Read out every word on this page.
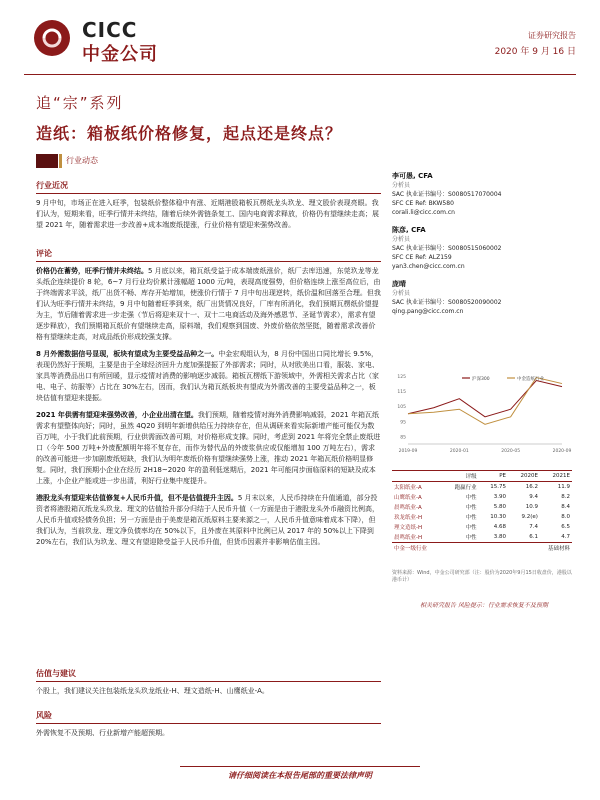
CICC
中金公司
证券研究报告
2020 年 9 月 16 日
追“宗”系列
造纸：箱板纸价格修复，起点还是终点？
行业动态
行业近况
9 月中旬，市场正在进入旺季，包装纸价整体稳中有涨、近期港股箱板瓦楞纸龙头玖龙、理文股价表现亮眼。我们认为，短期来看，旺季行情并未终结，随着后续外需链条复工、国内电商需求释放，价格仍有望继续走高；展望 2021 年，随着需求进一步改善+成本端废纸提涨，行业价格有望迎来强势改善。
评论
价格仍在蓄势，旺季行情并未终结。5 月底以来，箱瓦纸受益于成本端废纸涨价，纸厂去库迅速，东莞玖龙等龙头纸企连续提价 8 轮，6~7 月行业均价累计涨幅超 1000 元/吨，表现高度强势，但价格连续上涨至高位后，由于终端需求平淡，纸厂出货不畅、库存开始增加，使涨价行情于 7 月中旬出现逆转，纸价温和回落至合理。但我们认为旺季行情并未终结，9 月中旬随着旺季到来，纸厂出货情况良好，厂库有所消化，我们预期瓦楞纸价望提为主，节后随着需求进一步走强（节后将迎来双十一、双十二电商活动及海外感恩节、圣诞节需求），需求有望逐步释放），我们预期箱瓦纸价有望继续走高，原料端，我们观察到国废、外废价格依然坚挺，随着需求改善价格有望继续走高，对成品纸价形成较强支撑。
8 月外需数据信号显现，板块有望成为主要受益品种之一。中金宏观组认为，8 月份中国出口同比增长 9.5%，表现仍然好于预期，主要是由于全球经济回升力度加强提振了外部需求；同时，从对欧美出口看，服装、家电、家具等消费品出口有所回暖，显示疫情对消费的影响逐步减弱。箱板瓦楞纸下游领域中，外需相关需求占比（家电、电子、纺服等）占比在 30%左右，因而，我们认为箱瓦纸板块有望成为外需改善的主要受益品种之一，板块估值有望迎来提振。
2021 年供需有望迎来强势改善，小企业出清在望。我们预期，随着疫情对海外消费影响减弱，2021 年箱瓦纸需求有望整体向好；同时，虽然 4Q20 到明年新增供给压力持续存在，但从调研来看实际新增产能可能仅为数百万吨，小于我们此前预期，行业供需面改善可期，对价格形成支撑。同时，考虑到 2021 年将完全禁止废纸进口（今年 500 万吨+外废配额明年将不复存在，而作为替代品的外废浆供应或仅能增加 100 万吨左右），需求的改善可能进一步加剧废纸短缺，我们认为明年废纸价格有望继续强势上涨，推动 2021 年箱瓦纸价格明显修复。同时，我们预期小企业在经历 2H18~2020 年的盈利低迷期后，2021 年可能同步面临原料的短缺及成本上涨，小企业产能或进一步出清，利好行业集中度提升。
港股龙头有望迎来估值修复+人民币升值，但不是估值提升主因。5 月末以来，人民币持续在升值通道，部分投资者将港股箱瓦纸龙头玖龙、理文的估值拾升部分归结于人民币升值（一方面是由于港股龙头外币融资比例高，人民币升值或轻债务负担；另一方面是由于美废是箱瓦纸原料主要来源之一，人民币升值意味着成本下降），但我们认为，当前玖龙、理文净负债率均在 50%以下，且外废在其原料中比例已从 2017 年的 50%以上下降到 20%左右，我们认为玖龙、理文有望迎除受益于人民币升值，但货币因素并非影响估值主因。
估值与建议
个股上，我们建议关注包装纸龙头玖龙纸业-H、理文造纸-H、山鹰纸业-A。
风险
外需恢复不及预期、行业新增产能超预期。
李可愚, CFA
分析员
SAC 执业证书编号：S0080517070004
SFC CE Ref: BKW580
corali.li@cicc.com.cn
陈彦, CFA
分析员
SAC 执业证书编号：S0080515060002
SFC CE Ref: ALZ159
yan3.chen@cicc.com.cn
庞晴
分析员
SAC 执业证书编号：S0080520090002
qing.pang@cicc.com.cn
125
115
105
95
85
2019-09	2020-01	2020-05	2020-09
沪深300	中金造纸行业
	评级	PE	2020E	2021E
太阳纸业-A	跑赢行业	15.75	16.2	11.9
山鹰纸业-A	中性	3.90	9.4	8.2
晨鸣纸业-A	中性	5.80	10.9	8.4
玖龙纸业-H	中性	10.30	9.2(e)	8.0
理文造纸-H	中性	4.68	7.4	6.5
晨鸣纸业-H	中性	3.80	6.1	4.7
中金一级行业			基础材料	
资料来源：Wind，中金公司研究部（注：股价为2020年9月15日收盘价，港股以港币计）
相关研究报告 风险提示：行业需求恢复不及预期
请仔细阅读在本报告尾部的重要法律声明
